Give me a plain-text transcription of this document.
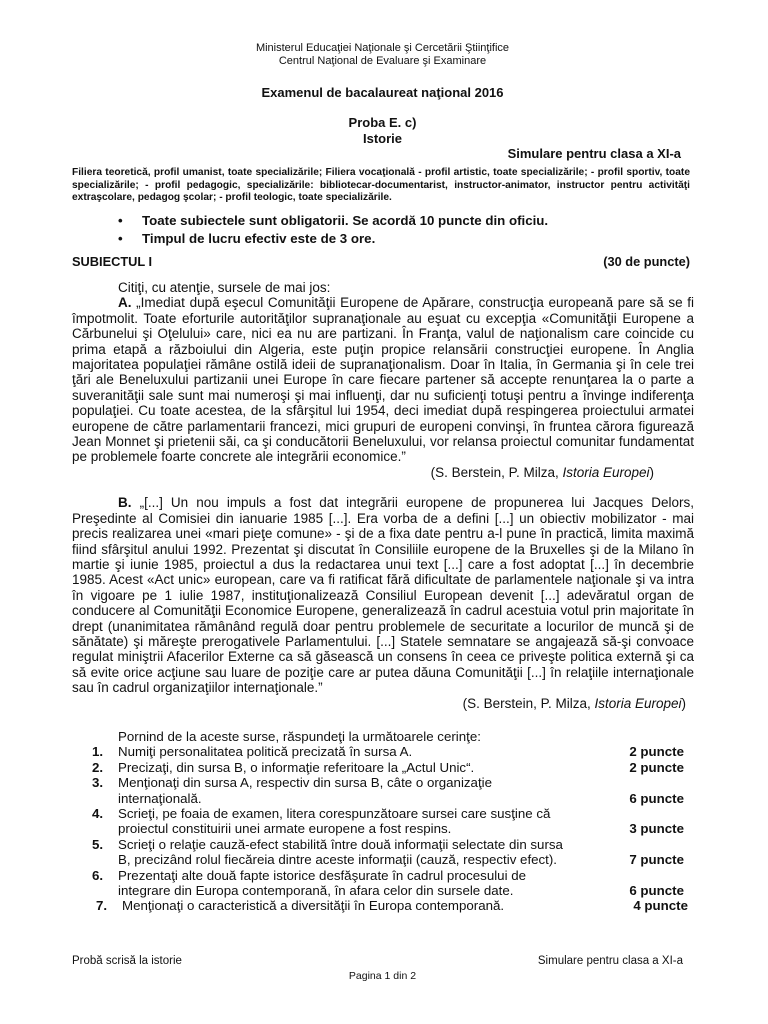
Ministerul Educaţiei Naţionale şi Cercetării Ştiinţifice
Centrul Naţional de Evaluare şi Examinare
Examenul de bacalaureat naţional 2016
Proba E. c)
Istorie
Simulare pentru clasa a XI-a
Filiera teoretică, profil umanist, toate specializările; Filiera vocaţională - profil artistic, toate specializările; - profil sportiv, toate specializările; - profil pedagogic, specializările: bibliotecar-documentarist, instructor-animator, instructor pentru activităţi extraşcolare, pedagog şcolar; - profil teologic, toate specializările.
• Toate subiectele sunt obligatorii. Se acordă 10 puncte din oficiu.
• Timpul de lucru efectiv este de 3 ore.
SUBIECTUL I	(30 de puncte)

Citiţi, cu atenţie, sursele de mai jos:

A. „Imediat după eşecul Comunităţii Europene de Apărare, construcţia europeană pare să se fi împotmolit. Toate eforturile autorităţilor supranaţionale au eşuat cu excepţia «Comunităţii Europene a Cărbunelui şi Oţelului» care, nici ea nu are partizani. În Franţa, valul de naţionalism care coincide cu prima etapă a războiului din Algeria, este puţin propice relansării construcţiei europene. În Anglia majoritatea populaţiei rămâne ostilă ideii de supranaţionalism. Doar în Italia, în Germania şi în cele trei ţări ale Beneluxului partizanii unei Europe în care fiecare partener să accepte renunţarea la o parte a suveranităţii sale sunt mai numeroşi şi mai influenţi, dar nu suficienţi totuşi pentru a învinge indiferenţa populaţiei. Cu toate acestea, de la sfârşitul lui 1954, deci imediat după respingerea proiectului armatei europene de către parlamentarii francezi, mici grupuri de europeni convinşi, în fruntea cărora figurează Jean Monnet şi prietenii săi, ca şi conducătorii Beneluxului, vor relansa proiectul comunitar fundamentat pe problemele foarte concrete ale integrării economice.”

(S. Berstein, P. Milza, Istoria Europei)

B. „[...] Un nou impuls a fost dat integrării europene de propunerea lui Jacques Delors, Preşedinte al Comisiei din ianuarie 1985 [...]. Era vorba de a defini [...] un obiectiv mobilizator - mai precis realizarea unei «mari pieţe comune» - şi de a fixa date pentru a-l pune în practică, limita maximă fiind sfârşitul anului 1992. Prezentat şi discutat în Consiliile europene de la Bruxelles şi de la Milano în martie şi iunie 1985, proiectul a dus la redactarea unui text [...] care a fost adoptat [...] în decembrie 1985. Acest «Act unic» european, care va fi ratificat fără dificultate de parlamentele naţionale şi va intra în vigoare pe 1 iulie 1987, instituţionalizează Consiliul European devenit [...] adevăratul organ de conducere al Comunităţii Economice Europene, generalizează în cadrul acestuia votul prin majoritate în drept (unanimitatea rămânând regulă doar pentru problemele de securitate a locurilor de muncă şi de sănătate) şi măreşte prerogativele Parlamentului. [...] Statele semnatare se angajează să-şi convoace regulat miniştrii Afacerilor Externe ca să găsească un consens în ceea ce priveşte politica externă şi ca să evite orice acţiune sau luare de poziţie care ar putea dăuna Comunităţii [...] în relaţiile internaţionale sau în cadrul organizaţiilor internaţionale.”

(S. Berstein, P. Milza, Istoria Europei)

Pornind de la aceste surse, răspundeţi la următoarele cerinţe:
1. Numiţi personalitatea politică precizată în sursa A.	2 puncte
2. Precizaţi, din sursa B, o informaţie referitoare la „Actul Unic“.	2 puncte
3. Menţionaţi din sursa A, respectiv din sursa B, câte o organizaţie internaţională.	6 puncte
4. Scrieţi, pe foaia de examen, litera corespunzătoare sursei care susţine că proiectul constituirii unei armate europene a fost respins.	3 puncte
5. Scrieţi o relaţie cauză-efect stabilită între două informaţii selectate din sursa B, precizând rolul fiecăreia dintre aceste informaţii (cauză, respectiv efect).	7 puncte
6. Prezentaţi alte două fapte istorice desfăşurate în cadrul procesului de integrare din Europa contemporană, în afara celor din sursele date.	6 puncte
7. Menţionaţi o caracteristică a diversităţii în Europa contemporană.	4 puncte
Probă scrisă la istorie	Simulare pentru clasa a XI-a
Pagina 1 din 2
